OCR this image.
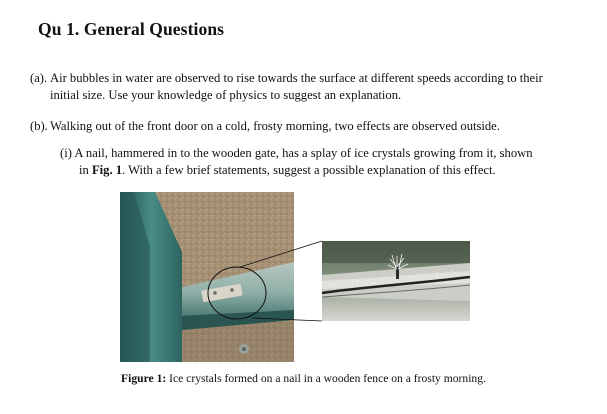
Qu 1. General Questions
(a). Air bubbles in water are observed to rise towards the surface at different speeds according to their
initial size. Use your knowledge of physics to suggest an explanation.
(b). Walking out of the front door on a cold, frosty morning, two effects are observed outside.
(i) A nail, hammered in to the wooden gate, has a splay of ice crystals growing from it, shown
in Fig. 1. With a few brief statements, suggest a possible explanation of this effect.
Figure 1: Ice crystals formed on a nail in a wooden fence on a frosty morning.
